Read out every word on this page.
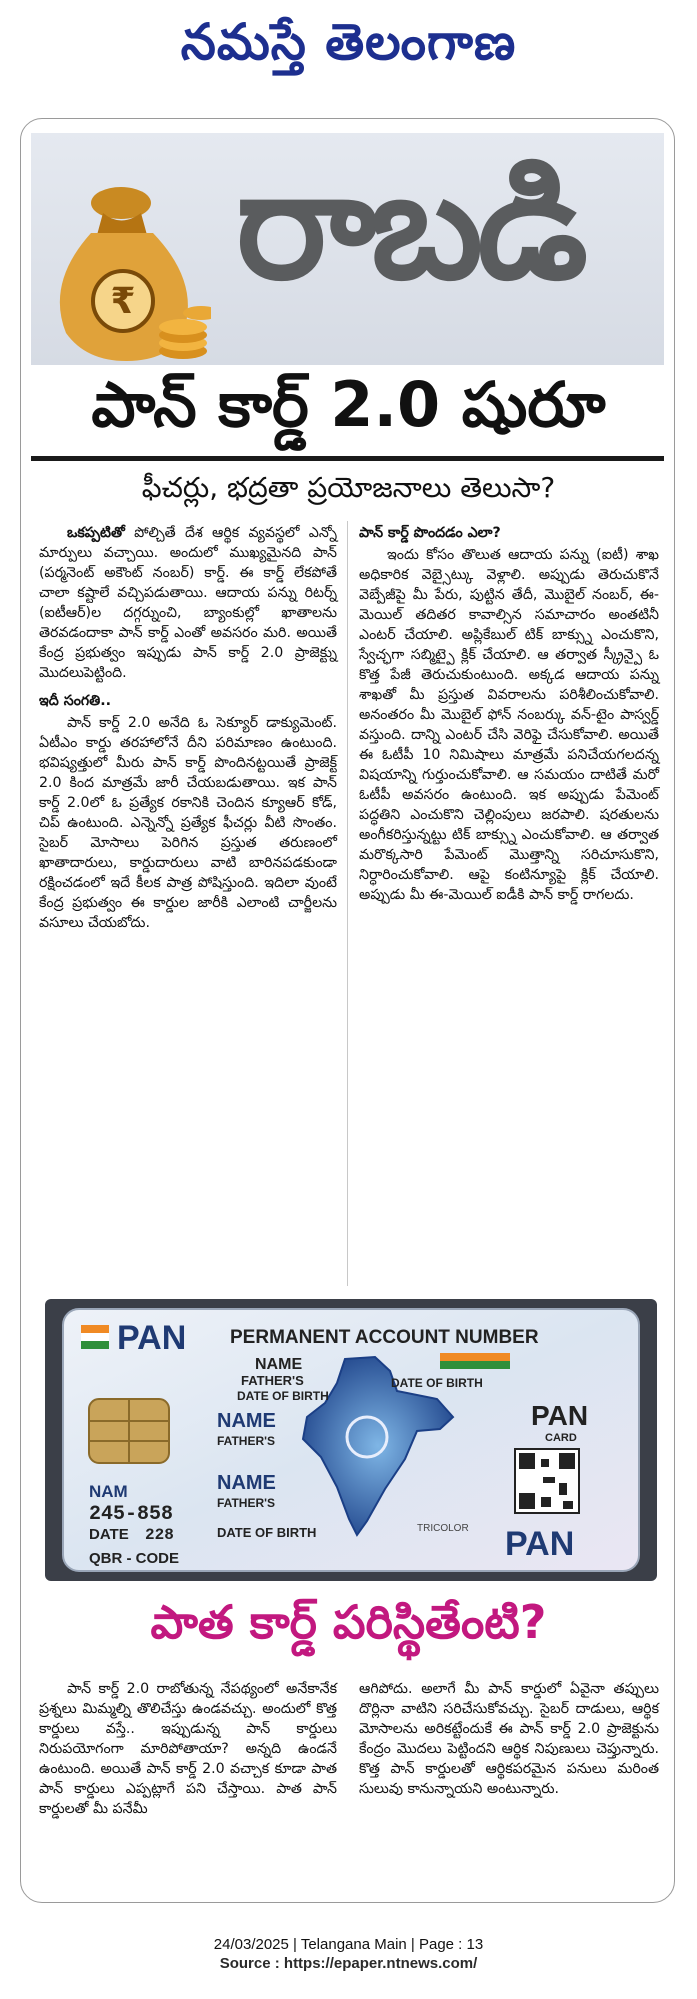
నమస్తే తెలంగాణ
₹ రాబడి
పాన్ కార్డ్ 2.0 షురూ
ఫీచర్లు, భద్రతా ప్రయోజనాలు తెలుసా?

ఒకప్పటితో పోల్చితే దేశ ఆర్థిక వ్యవస్థలో ఎన్నో మార్పులు వచ్చాయి. అందులో ముఖ్యమైనది పాన్ (పర్మనెంట్ అకౌంట్ నంబర్) కార్డ్. ఈ కార్డ్ లేకపోతే చాలా కష్టాలే వచ్చిపడుతాయి. ఆదాయ పన్ను రిటర్న్ (ఐటీఆర్)ల దగ్గర్నుంచి, బ్యాంకుల్లో ఖాతాలను తెరవడందాకా పాన్ కార్డ్ ఎంతో అవసరం మరి. అయితే కేంద్ర ప్రభుత్వం ఇప్పుడు పాన్ కార్డ్ 2.0 ప్రాజెక్ట్ను మొదలుపెట్టింది.

ఇదీ సంగతి..

పాన్ కార్డ్ 2.0 అనేది ఓ సెక్యూర్ డాక్యుమెంట్. ఏటీఎం కార్డు తరహాలోనే దీని పరిమాణం ఉంటుంది. భవిష్యత్తులో మీరు పాన్ కార్డ్ పొందినట్టయితే ప్రాజెక్ట్ 2.0 కింద మాత్రమే జారీ చేయబడుతాయి. ఇక పాన్ కార్డ్ 2.0లో ఓ ప్రత్యేక రకానికి చెందిన క్యూఆర్ కోడ్, చిప్ ఉంటుంది. ఎన్నెన్నో ప్రత్యేక ఫీచర్లు వీటి సొంతం. సైబర్ మోసాలు పెరిగిన ప్రస్తుత తరుణంలో ఖాతాదారులు, కార్డుదారులు వాటి బారినపడకుండా రక్షించడంలో ఇదే కీలక పాత్ర పోషిస్తుంది. ఇదిలా వుంటే కేంద్ర ప్రభుత్వం ఈ కార్డుల జారీకి ఎలాంటి చార్జీలను వసూలు చేయబోదు.

పాన్ కార్డ్ పొందడం ఎలా?

ఇందు కోసం తొలుత ఆదాయ పన్ను (ఐటీ) శాఖ అధికారిక వెబ్సైట్కు వెళ్లాలి. అప్పుడు తెరుచుకొనే వెబ్పేజీపై మీ పేరు, పుట్టిన తేదీ, మొబైల్ నంబర్, ఈ-మెయిల్ తదితర కావాల్సిన సమాచారం అంతటినీ ఎంటర్ చేయాలి. అప్లికేబుల్ టిక్ బాక్స్ను ఎంచుకొని, స్వేచ్ఛగా సబ్మిట్పై క్లిక్ చేయాలి. ఆ తర్వాత స్క్రీన్పై ఓ కొత్త పేజీ తెరుచుకుంటుంది. అక్కడ ఆదాయ పన్ను శాఖతో మీ ప్రస్తుత వివరాలను పరిశీలించుకోవాలి. అనంతరం మీ మొబైల్ ఫోన్ నంబర్కు వన్-టైం పాస్వర్డ్ వస్తుంది. దాన్ని ఎంటర్ చేసి వెరిఫై చేసుకోవాలి. అయితే ఈ ఓటీపీ 10 నిమిషాలు మాత్రమే పనిచేయగలదన్న విషయాన్ని గుర్తుంచుకోవాలి. ఆ సమయం దాటితే మరో ఓటీపీ అవసరం ఉంటుంది. ఇక అప్పుడు పేమెంట్ పద్ధతిని ఎంచుకొని చెల్లింపులు జరపాలి. షరతులను అంగీకరిస్తున్నట్టు టిక్ బాక్స్ను ఎంచుకోవాలి. ఆ తర్వాత మరొక్కసారి పేమెంట్ మొత్తాన్ని సరిచూసుకొని, నిర్ధారించుకోవాలి. ఆపై కంటిన్యూపై క్లిక్ చేయాలి. అప్పుడు మీ ఈ-మెయిల్ ఐడీకి పాన్ కార్డ్ రాగలదు.

PAN PERMANENT ACCOUNT NUMBER
NAME
FATHER'S
DATE OF BIRTH
NAME
FATHER'S
NAME
FATHER'S
DATE OF BIRTH
DATE OF BIRTH
NAM
245-858
DATE 228
QBR - CODE
TRICOLOR
PAN
CARD
PAN
పాత కార్డ్ పరిస్థితేంటి?

పాన్ కార్డ్ 2.0 రాబోతున్న నేపథ్యంలో అనేకానేక ప్రశ్నలు మిమ్మల్ని తొలిచేస్తు ఉండవచ్చు. అందులో కొత్త కార్డులు వస్తే.. ఇప్పుడున్న పాన్ కార్డులు నిరుపయోగంగా మారిపోతాయా? అన్నది ఉండనే ఉంటుంది. అయితే పాన్ కార్డ్ 2.0 వచ్చాక కూడా పాత పాన్ కార్డులు ఎప్పట్లాగే పని చేస్తాయి. పాత పాన్ కార్డులతో మీ పనేమీ

ఆగిపోదు. అలాగే మీ పాన్ కార్డులో ఏవైనా తప్పులు దొర్లినా వాటిని సరిచేసుకోవచ్చు. సైబర్ దాడులు, ఆర్థిక మోసాలను అరికట్టేందుకే ఈ పాన్ కార్డ్ 2.0 ప్రాజెక్టును కేంద్రం మొదలు పెట్టిందని ఆర్థిక నిపుణులు చెప్తున్నారు. కొత్త పాన్ కార్డులతో ఆర్థికపరమైన పనులు మరింత సులువు కానున్నాయని అంటున్నారు.

24/03/2025 | Telangana Main | Page : 13
Source : https://epaper.ntnews.com/
